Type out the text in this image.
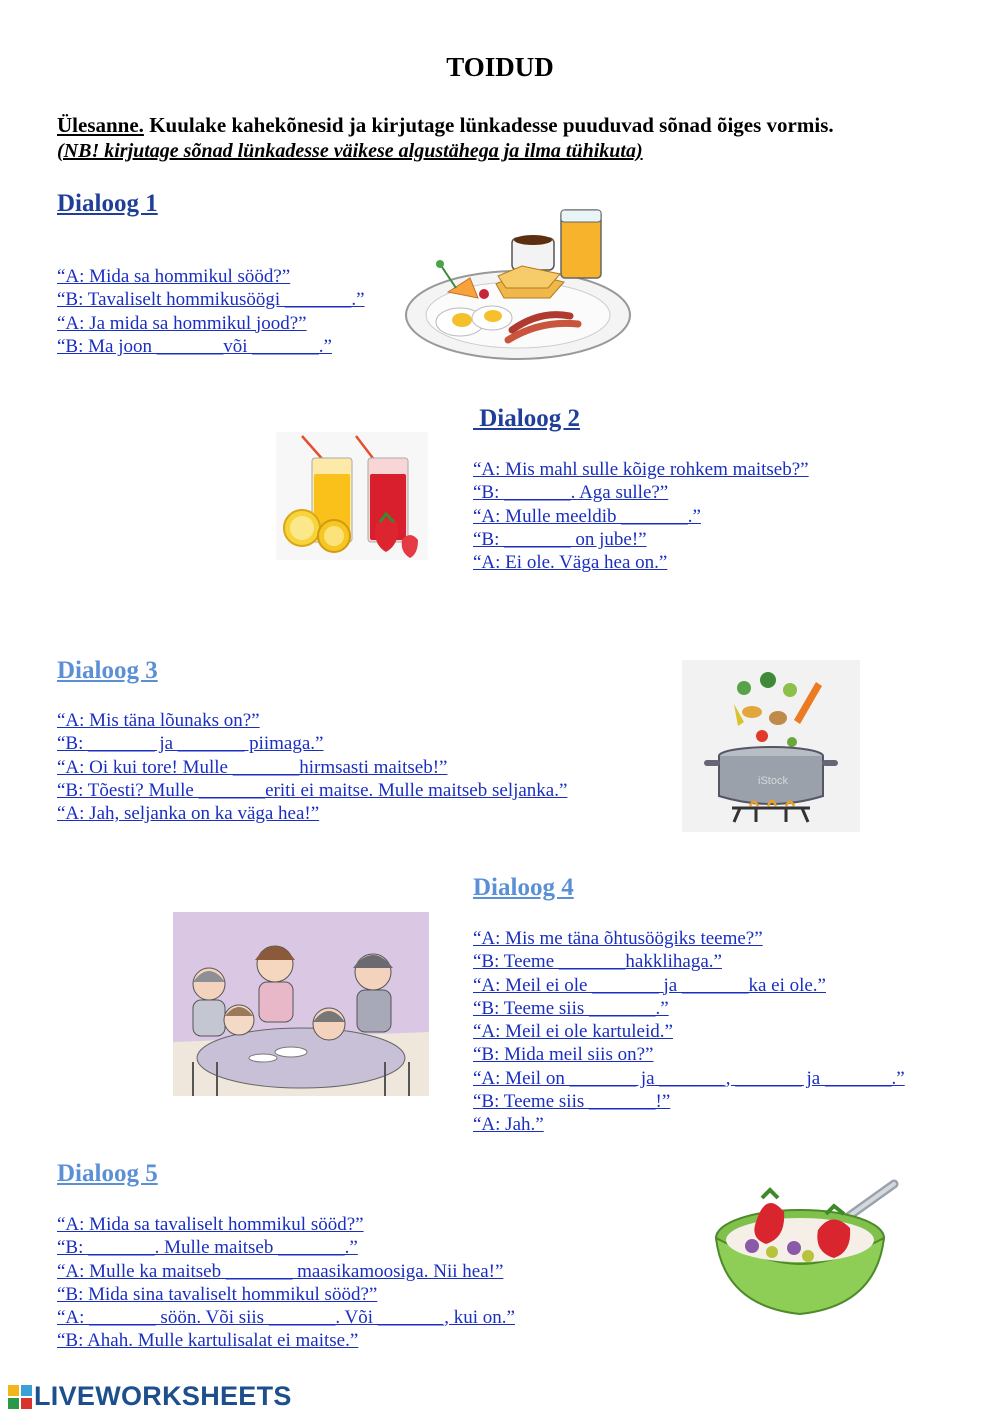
TOIDUD
Ülesanne. Kuulake kahekõnesid ja kirjutage lünkadesse puuduvad sõnad õiges vormis.
(NB! kirjutage sõnad lünkadesse väikese algustähega ja ilma tühikuta)
Dialoog 1
“A: Mida sa hommikul sööd?”
“B: Tavaliselt hommikusöögi _______.”
“A: Ja mida sa hommikul jood?”
“B: Ma joon _______või _______.”
Dialoog 2
“A: Mis mahl sulle kõige rohkem maitseb?”
“B: _______. Aga sulle?”
“A: Mulle meeldib _______.”
“B: _______ on jube!”
“A: Ei ole. Väga hea on.”
Dialoog 3
“A: Mis täna lõunaks on?”
“B: _______ ja _______ piimaga.”
“A: Oi kui tore! Mulle _______hirmsasti maitseb!”
“B: Tõesti? Mulle _______eriti ei maitse. Mulle maitseb seljanka.”
“A: Jah, seljanka on ka väga hea!”
iStock
Dialoog 4
“A: Mis me täna õhtusöögiks teeme?”
“B: Teeme _______hakklihaga.”
“A: Meil ei ole _______ ja _______ka ei ole.”
“B: Teeme siis _______.”
“A: Meil ei ole kartuleid.”
“B: Mida meil siis on?”
“A: Meil on _______ ja _______, _______ ja _______.”
“B: Teeme siis _______!”
“A: Jah.”
Dialoog 5
“A: Mida sa tavaliselt hommikul sööd?”
“B: _______. Mulle maitseb _______.”
“A: Mulle ka maitseb _______ maasikamoosiga. Nii hea!”
“B: Mida sina tavaliselt hommikul sööd?”
“A: _______ söön. Või siis _______. Või _______, kui on.”
“B: Ahah. Mulle kartulisalat ei maitse.”
LIVEWORKSHEETS
